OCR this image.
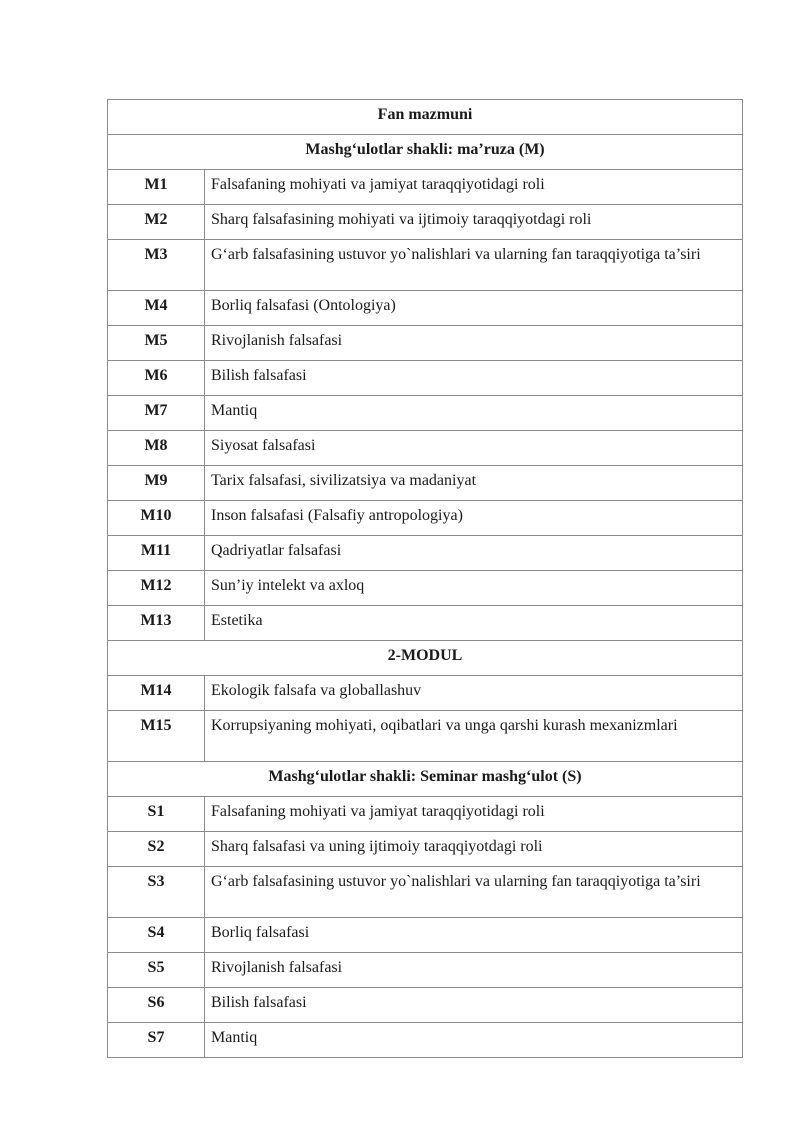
Fan mazmuni	
Mashg‘ulotlar shakli: ma’ruza (M)	
M1	Falsafaning mohiyati va jamiyat taraqqiyotidagi roli
M2	Sharq falsafasining mohiyati va ijtimoiy taraqqiyotdagi roli
M3	G‘arb falsafasining ustuvor yo`nalishlari va ularning fan taraqqiyotiga ta’siri
M4	Borliq falsafasi (Ontologiya)
M5	Rivojlanish falsafasi
M6	Bilish falsafasi
M7	Mantiq
M8	Siyosat falsafasi
M9	Tarix falsafasi, sivilizatsiya va madaniyat
M10	Inson falsafasi (Falsafiy antropologiya)
M11	Qadriyatlar falsafasi
M12	Sun’iy intelekt va axloq
M13	Estetika
2-MODUL	
M14	Ekologik falsafa va globallashuv
M15	Korrupsiyaning mohiyati, oqibatlari va unga qarshi kurash mexanizmlari
Mashg‘ulotlar shakli: Seminar mashg‘ulot (S)	
S1	Falsafaning mohiyati va jamiyat taraqqiyotidagi roli
S2	Sharq falsafasi va uning ijtimoiy taraqqiyotdagi roli
S3	G‘arb falsafasining ustuvor yo`nalishlari va ularning fan taraqqiyotiga ta’siri
S4	Borliq falsafasi
S5	Rivojlanish falsafasi
S6	Bilish falsafasi
S7	Mantiq
